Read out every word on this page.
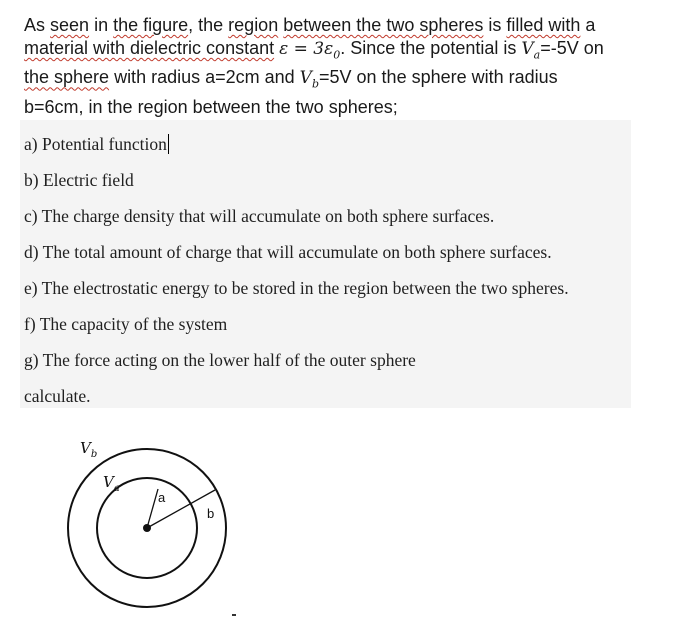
As seen in the figure, the region between the two spheres is filled with a
material with dielectric constant $\varepsilon = 3\varepsilon_0$. Since the potential is $V_a=-5V$ on
the sphere with radius a=2cm and $V_b=5V$ on the sphere with radius
b=6cm, in the region between the two spheres;
a) Potential function
b) Electric field
c) The charge density that will accumulate on both sphere surfaces.
d) The total amount of charge that will accumulate on both sphere surfaces.
e) The electrostatic energy to be stored in the region between the two spheres.
f) The capacity of the system
g) The force acting on the lower half of the outer sphere
calculate.
$V_b$
$V_a$
a
b
